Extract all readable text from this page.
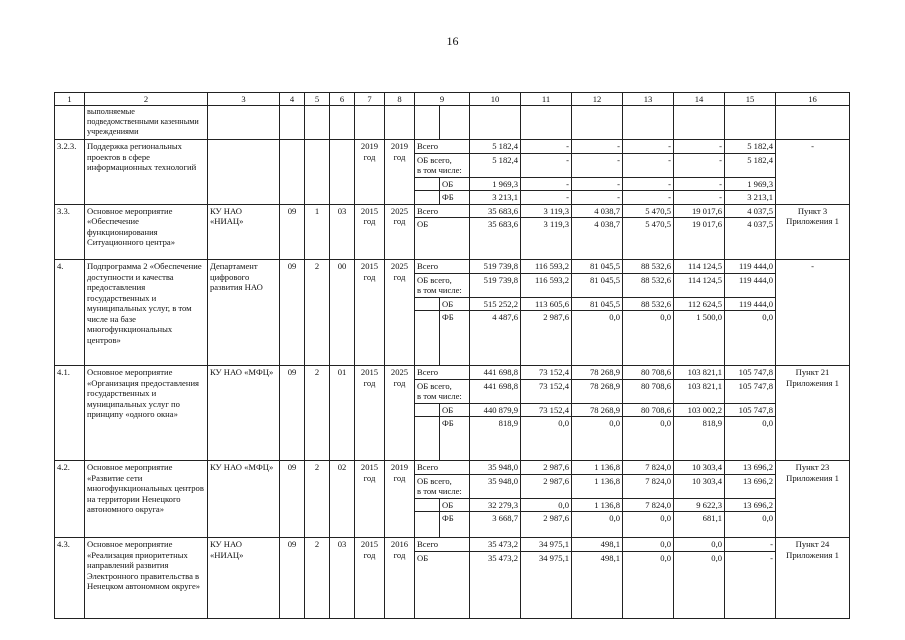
16
1	2	3	4	5	6	7	8	9		10	11	12	13	14	15	16
	выполняемые подведомственными казенными учреждениями															
3.2.3.	Поддержка региональных проектов в сфере информационных технологий					2019 год	2019 год	Всего		5 182,4	-	-	-	-	5 182,4	-

								ОБ всего,
в том числе:		5 182,4	-	-	-	-	5 182,4	
									ОБ	1 969,3	-	-	-	-	1 969,3	
									ФБ	3 213,1	-	-	-	-	3 213,1	
3.3.	Основное мероприятие «Обеспечение функционирования Ситуационного центра»	КУ НАО «НИАЦ»	09	1	03	2015 год	2025 год	Всего		35 683,6	3 119,3	4 038,7	5 470,5	19 017,6	4 037,5	Пункт 3 Приложения 1
								ОБ		35 683,6	3 119,3	4 038,7	5 470,5	19 017,6	4 037,5	
4.	Подпрограмма 2 «Обеспечение доступности и качества предоставления государственных и муниципальных услуг, в том числе на базе многофункциональных центров»	Департамент цифрового развития НАО	09	2	00	2015 год	2025 год	Всего		519 739,8	116 593,2	81 045,5	88 532,6	114 124,5	119 444,0	-

								ОБ всего,
в том числе:		519 739,8	116 593,2	81 045,5	88 532,6	114 124,5	119 444,0	
									ОБ	515 252,2	113 605,6	81 045,5	88 532,6	112 624,5	119 444,0	
									ФБ	4 487,6	2 987,6	0,0	0,0	1 500,0	0,0	
4.1.	Основное мероприятие «Организация предоставления государственных и муниципальных услуг по принципу «одного окна»	КУ НАО «МФЦ»	09	2	01	2015 год	2025 год	Всего		441 698,8	73 152,4	78 268,9	80 708,6	103 821,1	105 747,8	Пункт 21 Приложения 1

								ОБ всего,
в том числе:		441 698,8	73 152,4	78 268,9	80 708,6	103 821,1	105 747,8	
									ОБ	440 879,9	73 152,4	78 268,9	80 708,6	103 002,2	105 747,8	
									ФБ	818,9	0,0	0,0	0,0	818,9	0,0	
4.2.	Основное мероприятие «Развитие сети многофункциональных центров на территории Ненецкого автономного округа»	КУ НАО «МФЦ»	09	2	02	2015 год	2019 год	Всего		35 948,0	2 987,6	1 136,8	7 824,0	10 303,4	13 696,2	Пункт 23 Приложения 1

								ОБ всего,
в том числе:		35 948,0	2 987,6	1 136,8	7 824,0	10 303,4	13 696,2	
									ОБ	32 279,3	0,0	1 136,8	7 824,0	9 622,3	13 696,2	
									ФБ	3 668,7	2 987,6	0,0	0,0	681,1	0,0	
4.3.	Основное мероприятие «Реализация приоритетных направлений развития Электронного правительства в Ненецком автономном округе»	КУ НАО «НИАЦ»	09	2	03	2015 год	2016 год	Всего		35 473,2	34 975,1	498,1	0,0	0,0	-	Пункт 24 Приложения 1
								ОБ		35 473,2	34 975,1	498,1	0,0	0,0	-	
